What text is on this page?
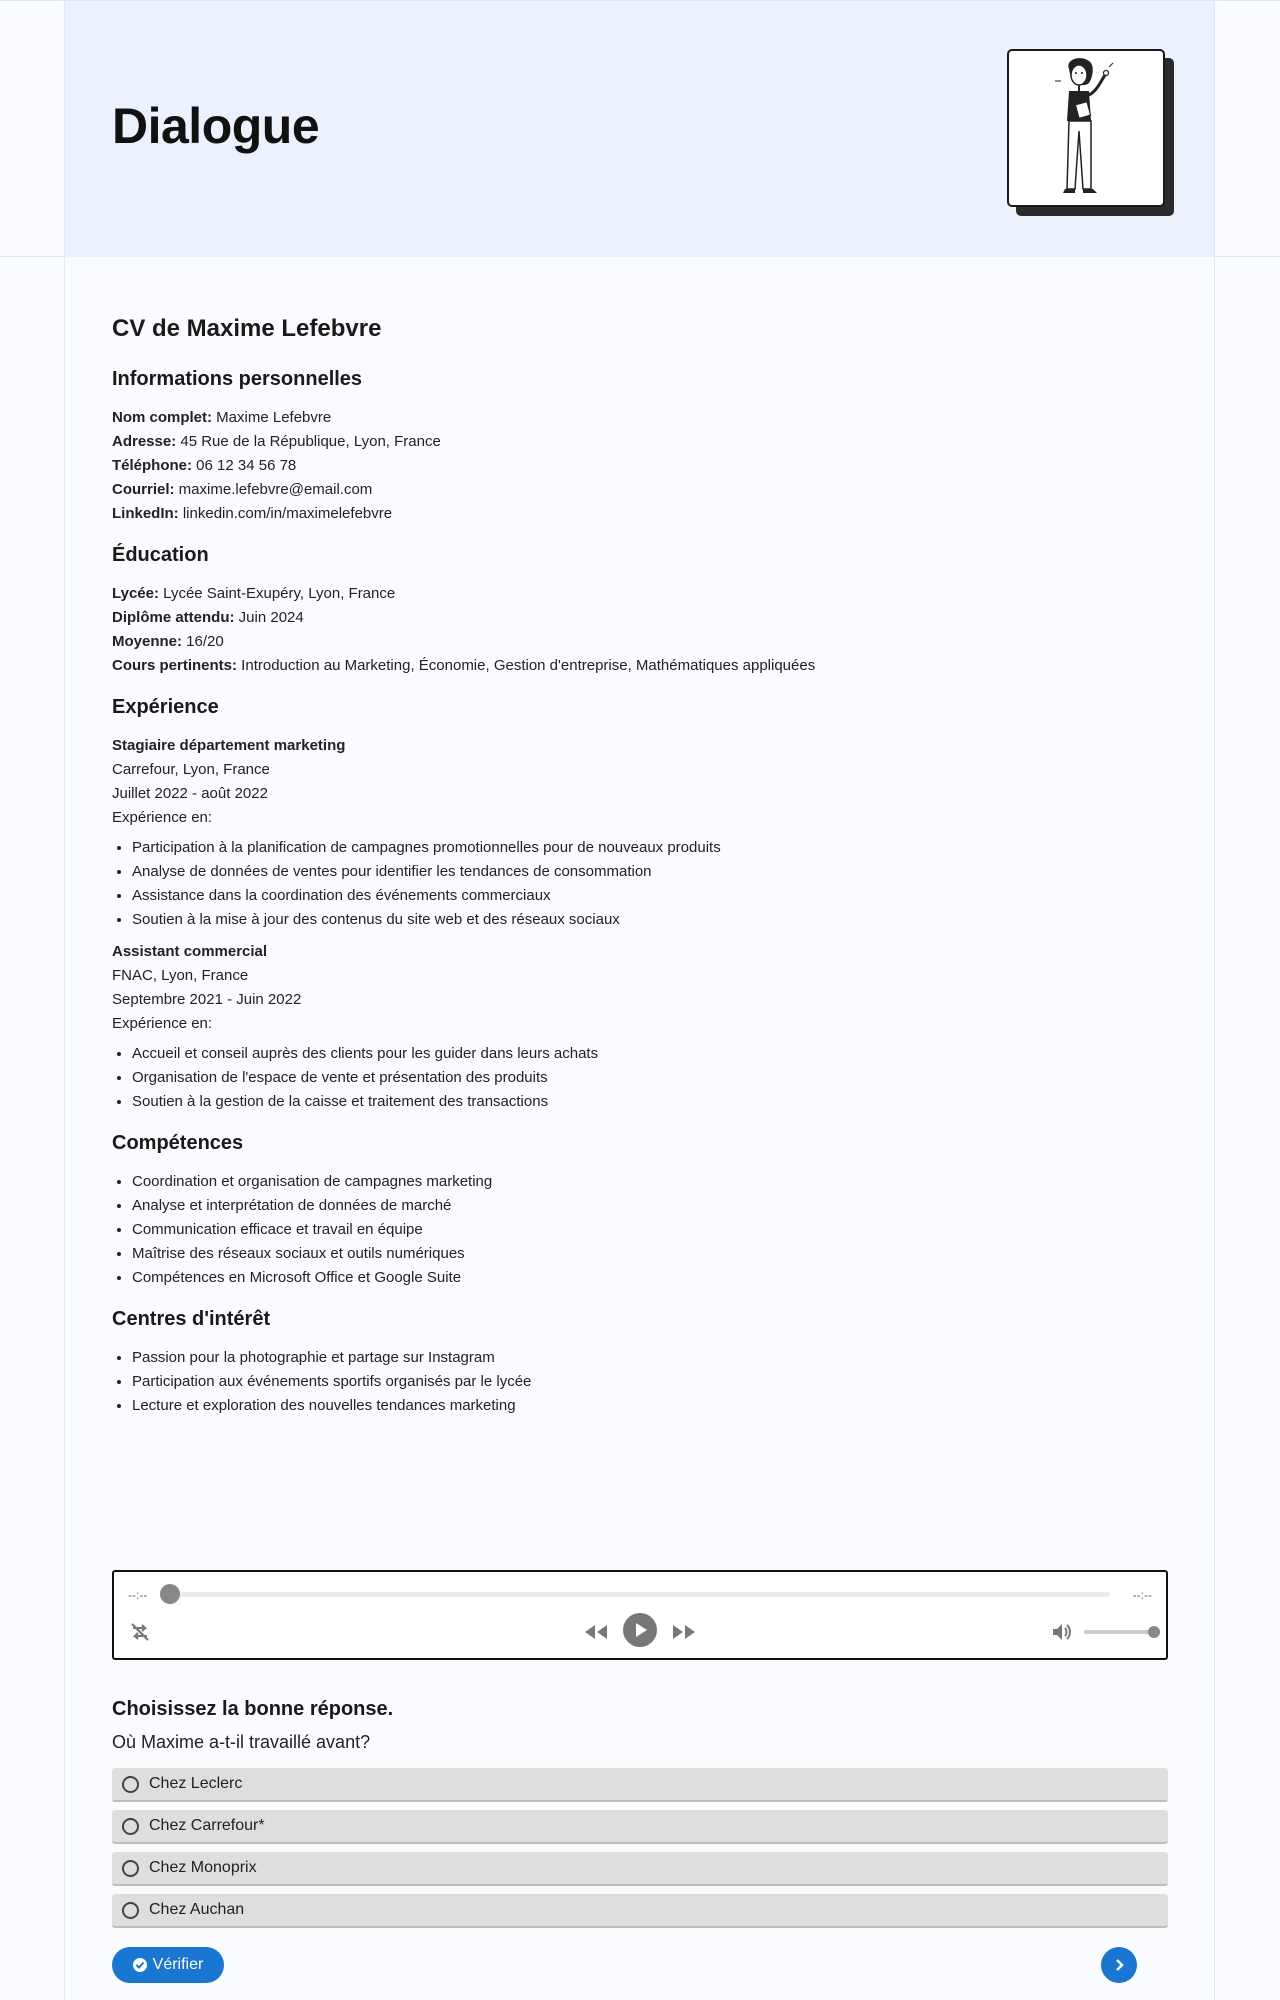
Dialogue
CV de Maxime Lefebvre
Informations personnelles

Nom complet: Maxime Lefebvre

Adresse: 45 Rue de la République, Lyon, France

Téléphone: 06 12 34 56 78

Courriel: maxime.lefebvre@email.com

LinkedIn: linkedin.com/in/maximelefebvre

Éducation

Lycée: Lycée Saint-Exupéry, Lyon, France

Diplôme attendu: Juin 2024

Moyenne: 16/20

Cours pertinents: Introduction au Marketing, Économie, Gestion d'entreprise, Mathématiques appliquées

Expérience

Stagiaire département marketing

Carrefour, Lyon, France

Juillet 2022 - août 2022

Expérience en:

• Participation à la planification de campagnes promotionnelles pour de nouveaux produits
• Analyse de données de ventes pour identifier les tendances de consommation
• Assistance dans la coordination des événements commerciaux
• Soutien à la mise à jour des contenus du site web et des réseaux sociaux

Assistant commercial

FNAC, Lyon, France

Septembre 2021 - Juin 2022

Expérience en:

• Accueil et conseil auprès des clients pour les guider dans leurs achats
• Organisation de l'espace de vente et présentation des produits
• Soutien à la gestion de la caisse et traitement des transactions
Compétences
• Coordination et organisation de campagnes marketing
• Analyse et interprétation de données de marché
• Communication efficace et travail en équipe
• Maîtrise des réseaux sociaux et outils numériques
• Compétences en Microsoft Office et Google Suite
Centres d'intérêt
• Passion pour la photographie et partage sur Instagram
• Participation aux événements sportifs organisés par le lycée
• Lecture et exploration des nouvelles tendances marketing
--:--	--:--
Choisissez la bonne réponse.

Où Maxime a-t-il travaillé avant?

Chez Leclerc
Chez Carrefour*
Chez Monoprix
Chez Auchan
Vérifier
